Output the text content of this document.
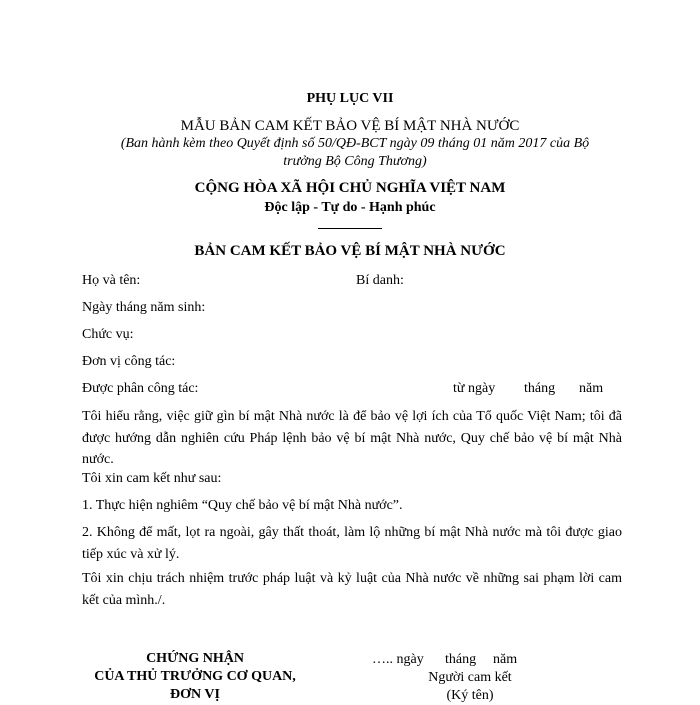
PHỤ LỤC VII
MẪU BẢN CAM KẾT BẢO VỆ BÍ MẬT NHÀ NƯỚC
(Ban hành kèm theo Quyết định số 50/QĐ-BCT ngày 09 tháng 01 năm 2017 của Bộ trưởng Bộ Công Thương)
CỘNG HÒA XÃ HỘI CHỦ NGHĨA VIỆT NAM
Độc lập - Tự do - Hạnh phúc
BẢN CAM KẾT BẢO VỆ BÍ MẬT NHÀ NƯỚC
Họ và tên:	Bí danh:
Ngày tháng năm sinh:
Chức vụ:
Đơn vị công tác:
Được phân công tác:	từ ngày tháng năm
Tôi hiểu rằng, việc giữ gìn bí mật Nhà nước là để bảo vệ lợi ích của Tổ quốc Việt Nam; tôi đã được hướng dẫn nghiên cứu Pháp lệnh bảo vệ bí mật Nhà nước, Quy chế bảo vệ bí mật Nhà nước.
Tôi xin cam kết như sau:
1. Thực hiện nghiêm “Quy chế bảo vệ bí mật Nhà nước”.
2. Không để mất, lọt ra ngoài, gây thất thoát, làm lộ những bí mật Nhà nước mà tôi được giao tiếp xúc và xử lý.
Tôi xin chịu trách nhiệm trước pháp luật và kỷ luật của Nhà nước về những sai phạm lời cam kết của mình./.
CHỨNG NHẬN
CỦA THỦ TRƯỞNG CƠ QUAN,
ĐƠN VỊ
….. ngày tháng năm
Người cam kết
(Ký tên)
